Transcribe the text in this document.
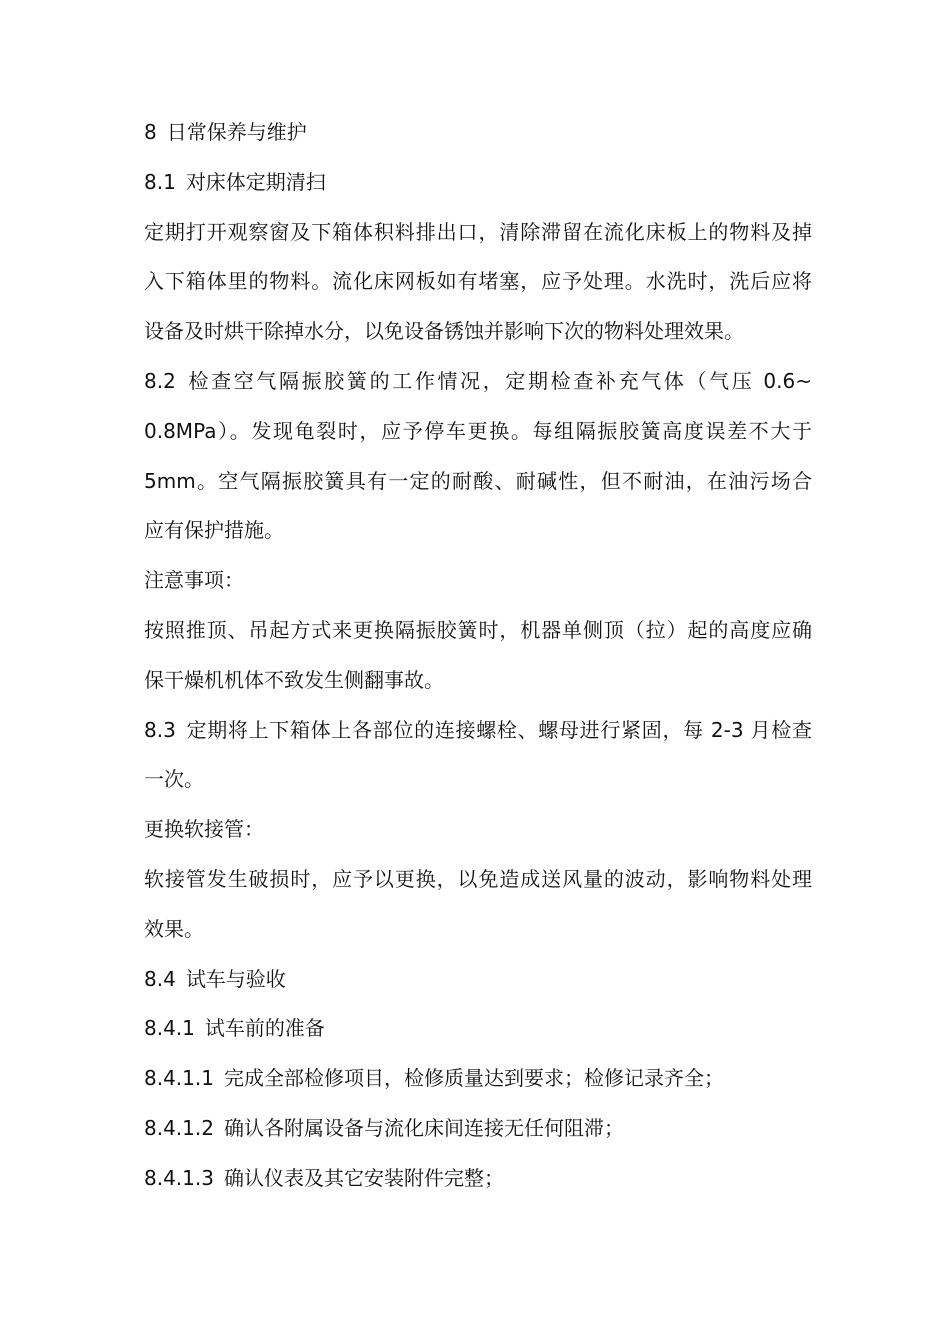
8 日常保养与维护
8.1 对床体定期清扫
定期打开观察窗及下箱体积料排出口，清除滞留在流化床板上的物料及掉
入下箱体里的物料。流化床网板如有堵塞，应予处理。水洗时，洗后应将
设备及时烘干除掉水分，以免设备锈蚀并影响下次的物料处理效果。
8.2 检查空气隔振胶簧的工作情况，定期检查补充气体（气压 0.6~
0.8MPa）。发现龟裂时，应予停车更换。每组隔振胶簧高度误差不大于
5mm。空气隔振胶簧具有一定的耐酸、耐碱性，但不耐油，在油污场合
应有保护措施。
注意事项：
按照推顶、吊起方式来更换隔振胶簧时，机器单侧顶（拉）起的高度应确
保干燥机机体不致发生侧翻事故。
8.3 定期将上下箱体上各部位的连接螺栓、螺母进行紧固，每 2-3 月检查
一次。
更换软接管：
软接管发生破损时，应予以更换，以免造成送风量的波动，影响物料处理
效果。
8.4 试车与验收
8.4.1 试车前的准备
8.4.1.1 完成全部检修项目，检修质量达到要求；检修记录齐全；
8.4.1.2 确认各附属设备与流化床间连接无任何阻滞；
8.4.1.3 确认仪表及其它安装附件完整；
